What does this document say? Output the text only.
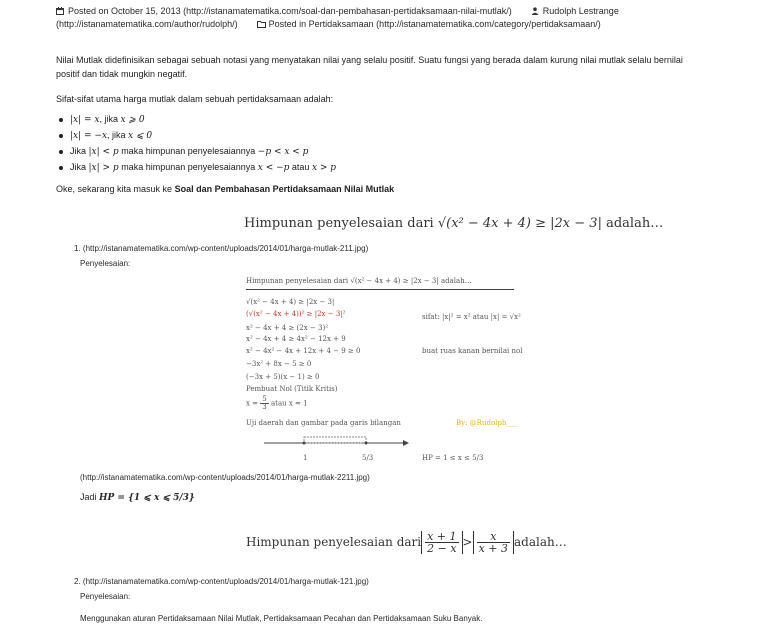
Posted on October 15, 2013 (http://istanamatematika.com/soal-dan-pembahasan-pertidaksamaan-nilai-mutlak/)	Rudolph Lestrange
(http://istanamatematika.com/author/rudolph/)	Posted in Pertidaksamaan (http://istanamatematika.com/category/pertidaksamaan/)

Nilai Mutlak didefinisikan sebagai sebuah notasi yang menyatakan nilai yang selalu positif. Suatu fungsi yang berada dalam kurung nilai mutlak selalu bernilai positif dan tidak mungkin negatif.

Sifat-sifat utama harga mutlak dalam sebuah pertidaksamaan adalah:

|x| = x, jika x ⩾ 0
|x| = −x, jika x ⩽ 0
Jika |x| < p maka himpunan penyelesaiannya −p < x < p
Jika |x| > p maka himpunan penyelesaiannya x < −p atau x > p

Oke, sekarang kita masuk ke Soal dan Pembahasan Pertidaksamaan Nilai Mutlak

Himpunan penyelesaian dari √(x² − 4x + 4) ≥ |2x − 3| adalah…
1. (http://istanamatematika.com/wp-content/uploads/2014/01/harga-mutlak-211.jpg)
Penyelesaian:
Himpunan penyelesaian dari √(x² − 4x + 4) ≥ |2x − 3| adalah…
√(x² − 4x + 4) ≥ |2x − 3|
(√(x² − 4x + 4))² ≥ |2x − 3|²	sifat: |x|² = x² atau |x| = √x²
x² − 4x + 4 ≥ (2x − 3)²
x² − 4x + 4 ≥ 4x² − 12x + 9
x² − 4x² − 4x + 12x + 4 − 9 ≥ 0	buat ruas kanan bernilai nol
−3x² + 8x − 5 ≥ 0
(−3x + 5)(x − 1) ≥ 0
Pembuat Nol (Titik Kritis)
$x = \frac{5}{3}$ atau x = 1
Uji daerah dan gambar pada garis bilangan	By: @Rudolph___
1	5/3	HP = 1 ≤ x ≤ 5/3
(http://istanamatematika.com/wp-content/uploads/2014/01/harga-mutlak-2211.jpg)
Jadi HP = {1 ⩽ x ⩽ 5/3}
Himpunan penyelesaian dari $\frac{x + 1}{2 - x} > \frac{x}{x + 3}$ adalah…
2. (http://istanamatematika.com/wp-content/uploads/2014/01/harga-mutlak-121.jpg)
Penyelesaian:
Menggunakan aturan Pertidaksamaan Nilai Mutlak, Pertidaksamaan Pecahan dan Pertidaksamaan Suku Banyak.
